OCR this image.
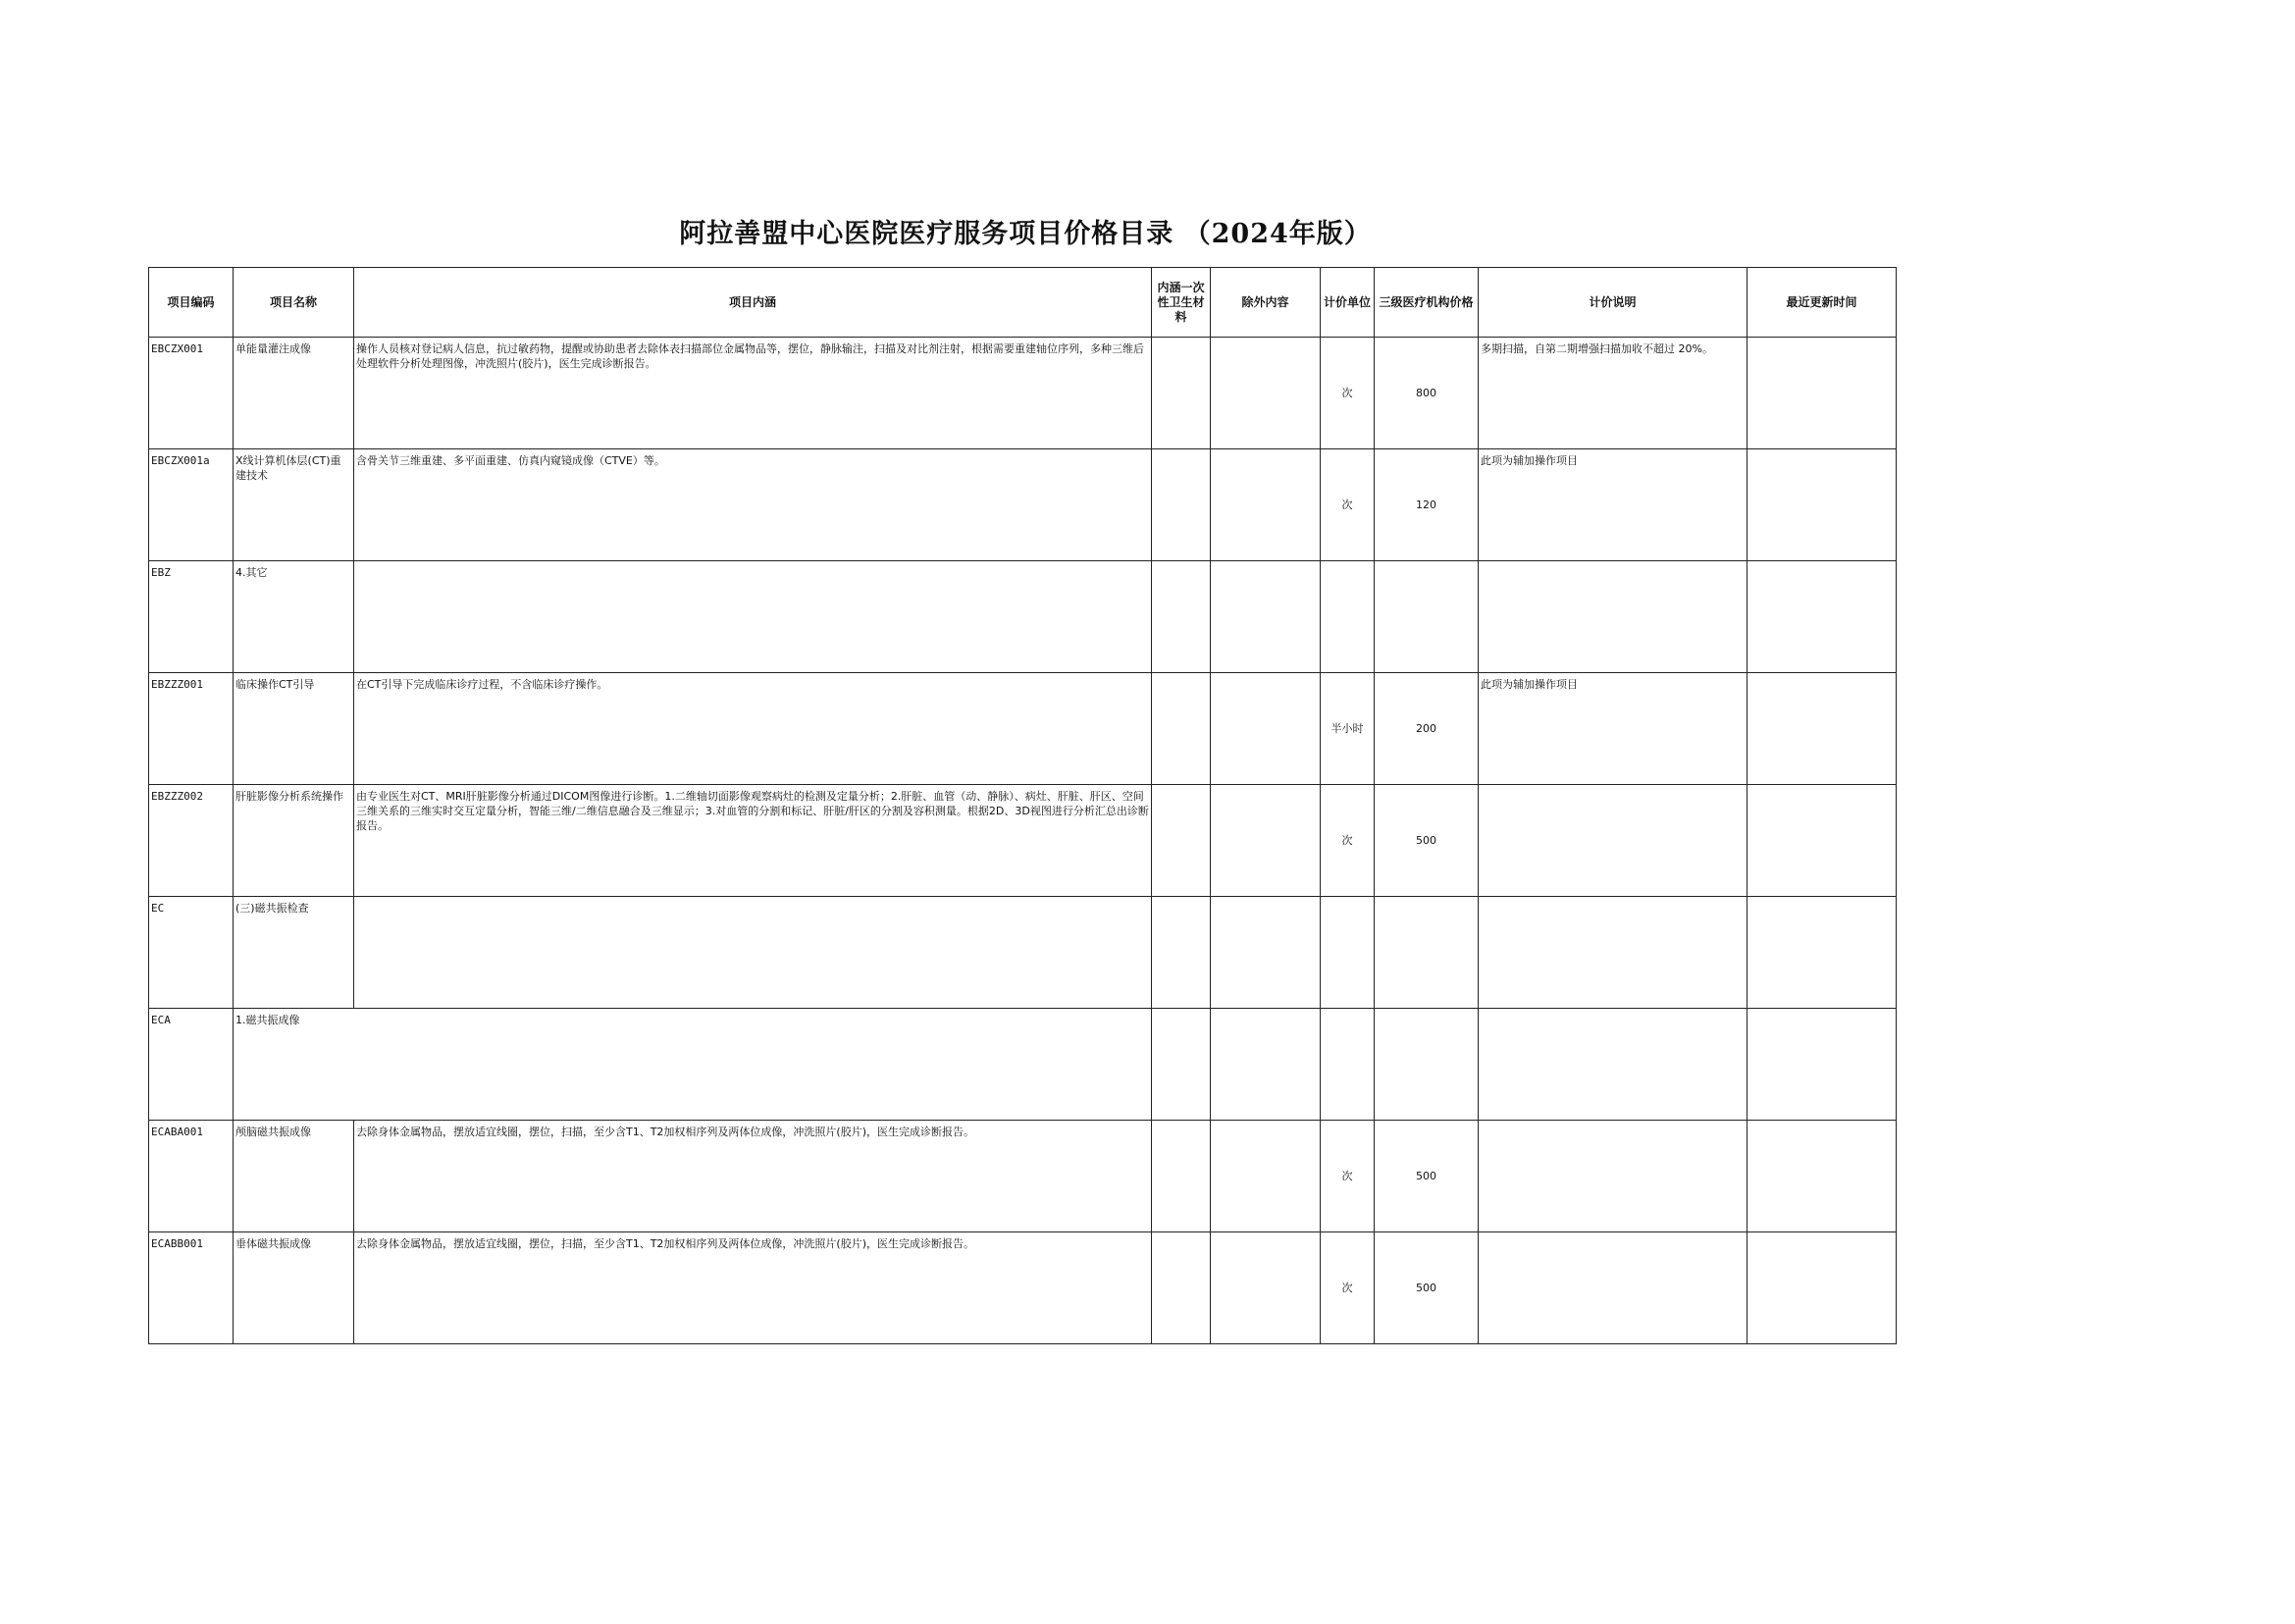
阿拉善盟中心医院医疗服务项目价格目录 （2024年版）
项目编码	项目名称	项目内涵	内涵一次性卫生材料	除外内容	计价单位	三级医疗机构价格	计价说明	最近更新时间
EBCZX001	单能量灌注成像	操作人员核对登记病人信息，抗过敏药物，提醒或协助患者去除体表扫描部位金属物品等，摆位，静脉输注，扫描及对比剂注射，根据需要重建轴位序列，多种三维后处理软件分析处理图像，冲洗照片(胶片)，医生完成诊断报告。			次	800	多期扫描，自第二期增强扫描加收不超过 20%。	
EBCZX001a	X线计算机体层(CT)重建技术	含骨关节三维重建、多平面重建、仿真内窥镜成像（CTVE）等。			次	120	此项为辅加操作项目	
EBZ	4.其它							
EBZZZ001	临床操作CT引导	在CT引导下完成临床诊疗过程，不含临床诊疗操作。			半小时	200	此项为辅加操作项目	
EBZZZ002	肝脏影像分析系统操作	由专业医生对CT、MRI肝脏影像分析通过DICOM图像进行诊断。1.二维轴切面影像观察病灶的检测及定量分析；2.肝脏、血管（动、静脉）、病灶、肝脏、肝区、空间三维关系的三维实时交互定量分析，智能三维/二维信息融合及三维显示；3.对血管的分割和标记、肝脏/肝区的分割及容积测量。根据2D、3D视图进行分析汇总出诊断报告。			次	500		
EC	(三)磁共振检查							
ECA	1.磁共振成像							
ECABA001	颅脑磁共振成像	去除身体金属物品，摆放适宜线圈，摆位，扫描，至少含T1、T2加权相序列及两体位成像，冲洗照片(胶片)，医生完成诊断报告。			次	500		
ECABB001	垂体磁共振成像	去除身体金属物品，摆放适宜线圈，摆位，扫描，至少含T1、T2加权相序列及两体位成像，冲洗照片(胶片)，医生完成诊断报告。			次	500		
